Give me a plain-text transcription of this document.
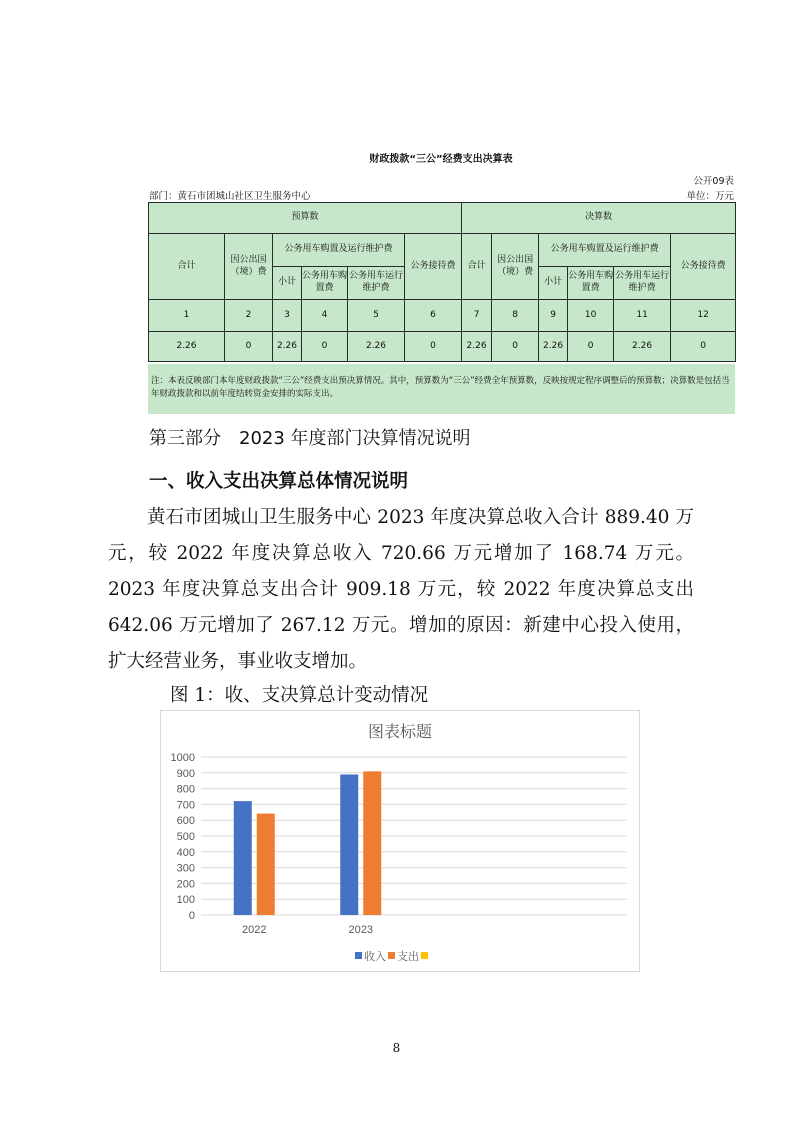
财政拨款“三公”经费支出决算表
公开09表
部门：黄石市团城山社区卫生服务中心	单位：万元
预算数						决算数					
合计	因公出国（境）费	公务用车购置及运行维护费			公务接待费	合计	因公出国（境）费	公务用车购置及运行维护费			公务接待费
		小计	公务用车购置费	公务用车运行维护费				小计	公务用车购置费	公务用车运行维护费	
1	2	3	4	5	6	7	8	9	10	11	12
2.26	0	2.26	0	2.26	0	2.26	0	2.26	0	2.26	0
注：本表反映部门本年度财政拨款“三公”经费支出预决算情况。其中，预算数为“三公”经费全年预算数，反映按规定程序调整后的预算数；决算数是包括当年财政拨款和以前年度结转资金安排的实际支出。
第三部分　2023 年度部门决算情况说明
一、收入支出决算总体情况说明

黄石市团城山卫生服务中心 2023 年度决算总收入合计 889.40 万元，较 2022 年度决算总收入 720.66 万元增加了 168.74 万元。 2023 年度决算总支出合计 909.18 万元，较 2022 年度决算总支出 642.06 万元增加了 267.12 万元。增加的原因：新建中心投入使用，扩大经营业务，事业收支增加。

图 1：收、支决算总计变动情况
图表标题
0
100
200
300
400
500
600
700
800
900
1000
2022	2023
收入 支出
8
